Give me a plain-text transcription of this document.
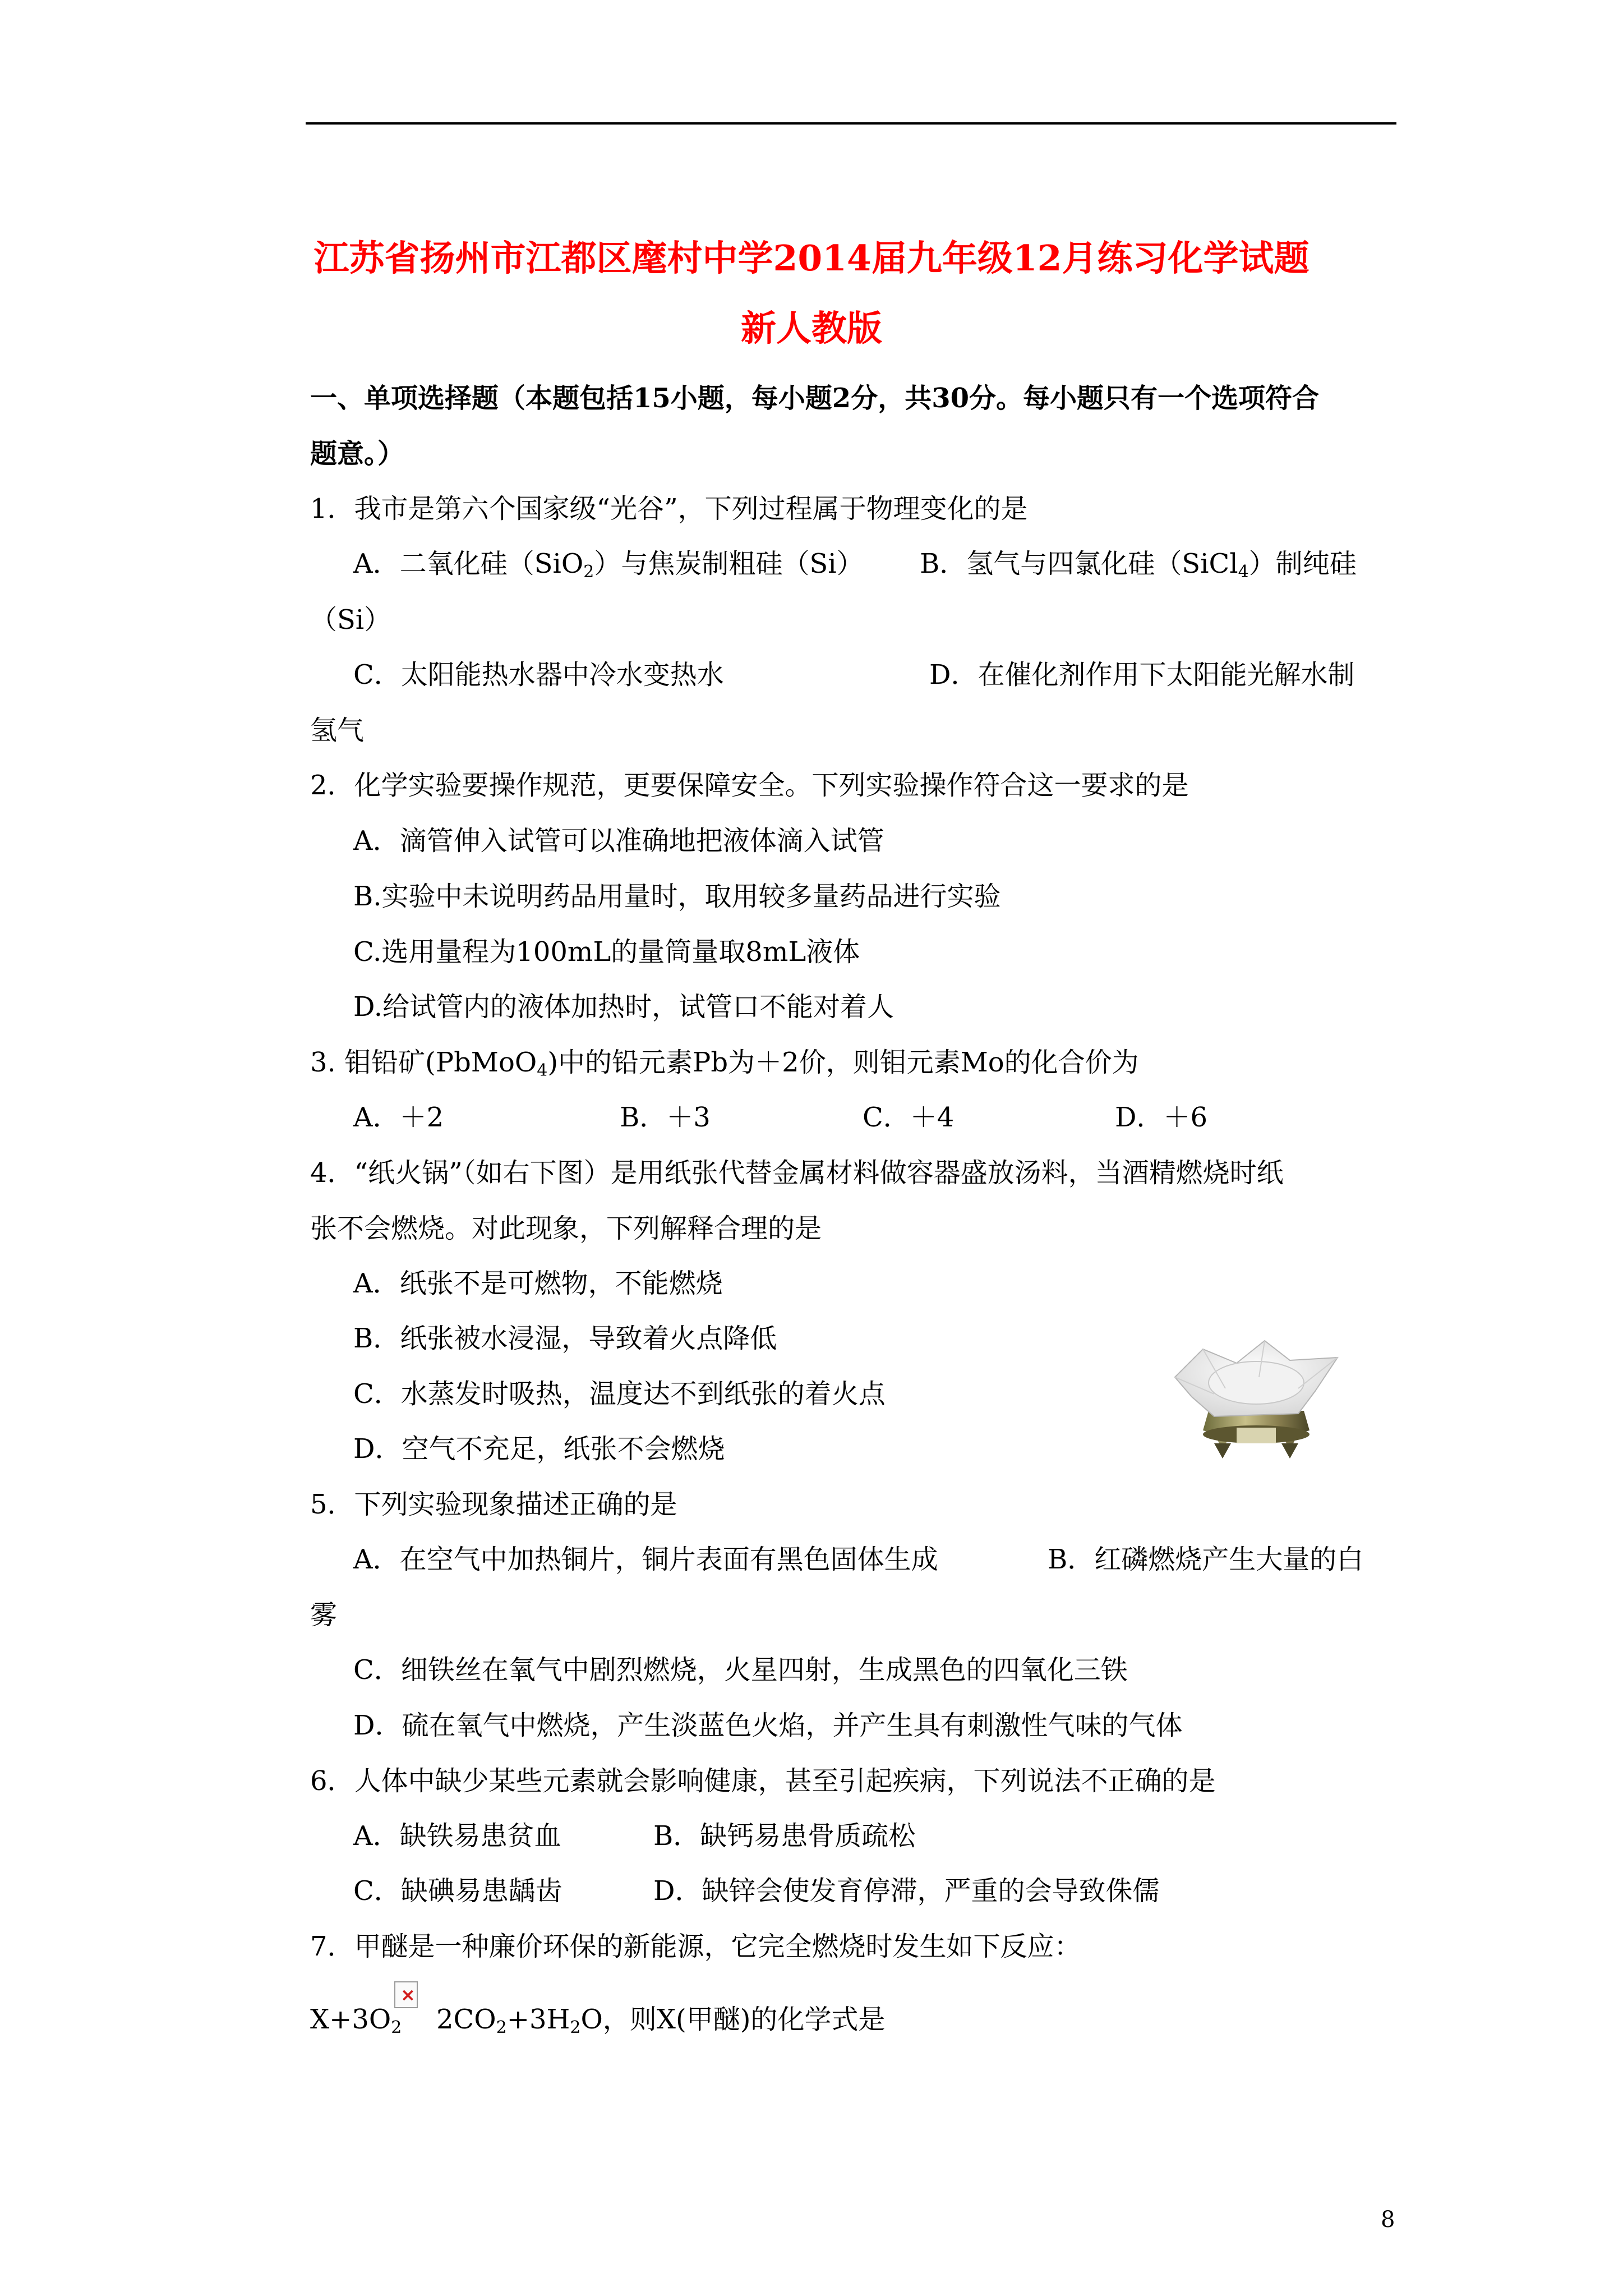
江苏省扬州市江都区麾村中学2014届九年级12月练习化学试题
新人教版
一、单项选择题（本题包括15小题，每小题2分，共30分。每小题只有一个选项符合
题意。）
1．我市是第六个国家级“光谷”，下列过程属于物理变化的是
A．二氧化硅（SiO$_2$）与焦炭制粗硅（Si） B．氢气与四氯化硅（SiCl$_4$）制纯硅
（Si）
C．太阳能热水器中冷水变热水	D．在催化剂作用下太阳能光解水制
氢气
2．化学实验要操作规范，更要保障安全。下列实验操作符合这一要求的是
A．滴管伸入试管可以准确地把液体滴入试管
B.实验中未说明药品用量时，取用较多量药品进行实验
C.选用量程为100mL的量筒量取8mL液体
D.给试管内的液体加热时，试管口不能对着人
3. 钼铅矿(PbMoO$_4$)中的铅元素Pb为＋2价，则钼元素Mo的化合价为
A．＋2	B．＋3	C．＋4	D．＋6
4．“纸火锅”（如右下图）是用纸张代替金属材料做容器盛放汤料，当酒精燃烧时纸
张不会燃烧。对此现象，下列解释合理的是
A．纸张不是可燃物，不能燃烧
B．纸张被水浸湿，导致着火点降低
C．水蒸发时吸热，温度达不到纸张的着火点
D．空气不充足，纸张不会燃烧
5．下列实验现象描述正确的是
A．在空气中加热铜片，铜片表面有黑色固体生成	B．红磷燃烧产生大量的白
雾
C．细铁丝在氧气中剧烈燃烧，火星四射，生成黑色的四氧化三铁
D．硫在氧气中燃烧，产生淡蓝色火焰，并产生具有刺激性气味的气体
6．人体中缺少某些元素就会影响健康，甚至引起疾病，下列说法不正确的是
A．缺铁易患贫血	B．缺钙易患骨质疏松
C．缺碘易患龋齿	D．缺锌会使发育停滞，严重的会导致侏儒
7．甲醚是一种廉价环保的新能源，它完全燃烧时发生如下反应：
$X+3O_2$
×
$2CO_2+3H_2O$，则X(甲醚)的化学式是
8
